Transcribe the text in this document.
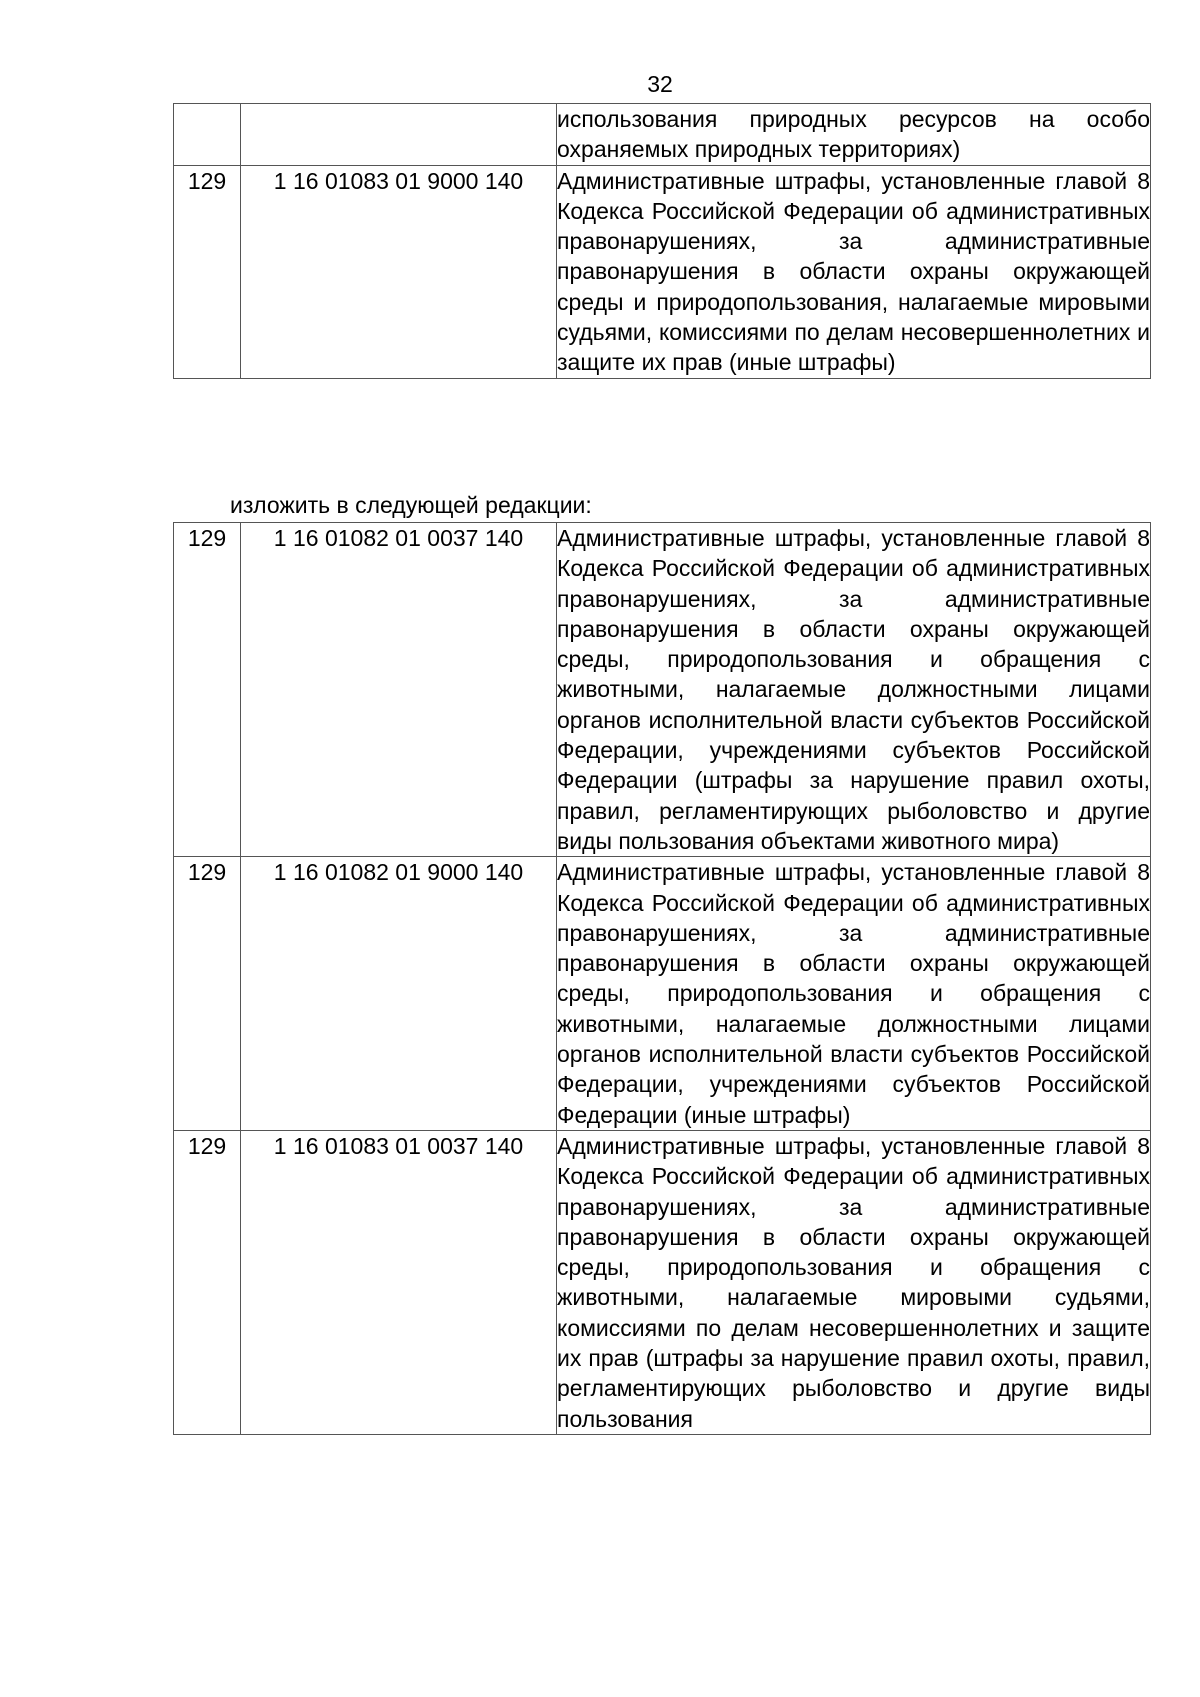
32
		использования природных ресурсов на особо охраняемых природных территориях)
129	1 16 01083 01 9000 140	Административные штрафы, установленные главой 8 Кодекса Российской Федерации об административных правонарушениях, за административные правонарушения в области охраны окружающей среды и природопользования, налагаемые мировыми судьями, комиссиями по делам несовершеннолетних и защите их прав (иные штрафы)
изложить в следующей редакции:
129	1 16 01082 01 0037 140	Административные штрафы, установленные главой 8 Кодекса Российской Федерации об административных правонарушениях, за административные правонарушения в области охраны окружающей среды, природопользования и обращения с животными, налагаемые должностными лицами органов исполнительной власти субъектов Российской Федерации, учреждениями субъектов Российской Федерации (штрафы за нарушение правил охоты, правил, регламентирующих рыболовство и другие виды пользования объектами животного мира)
129	1 16 01082 01 9000 140	Административные штрафы, установленные главой 8 Кодекса Российской Федерации об административных правонарушениях, за административные правонарушения в области охраны окружающей среды, природопользования и обращения с животными, налагаемые должностными лицами органов исполнительной власти субъектов Российской Федерации, учреждениями субъектов Российской Федерации (иные штрафы)
129	1 16 01083 01 0037 140	Административные штрафы, установленные главой 8 Кодекса Российской Федерации об административных правонарушениях, за административные правонарушения в области охраны окружающей среды, природопользования и обращения с животными, налагаемые мировыми судьями, комиссиями по делам несовершеннолетних и защите их прав (штрафы за нарушение правил охоты, правил, регламентирующих рыболовство и другие виды пользования
